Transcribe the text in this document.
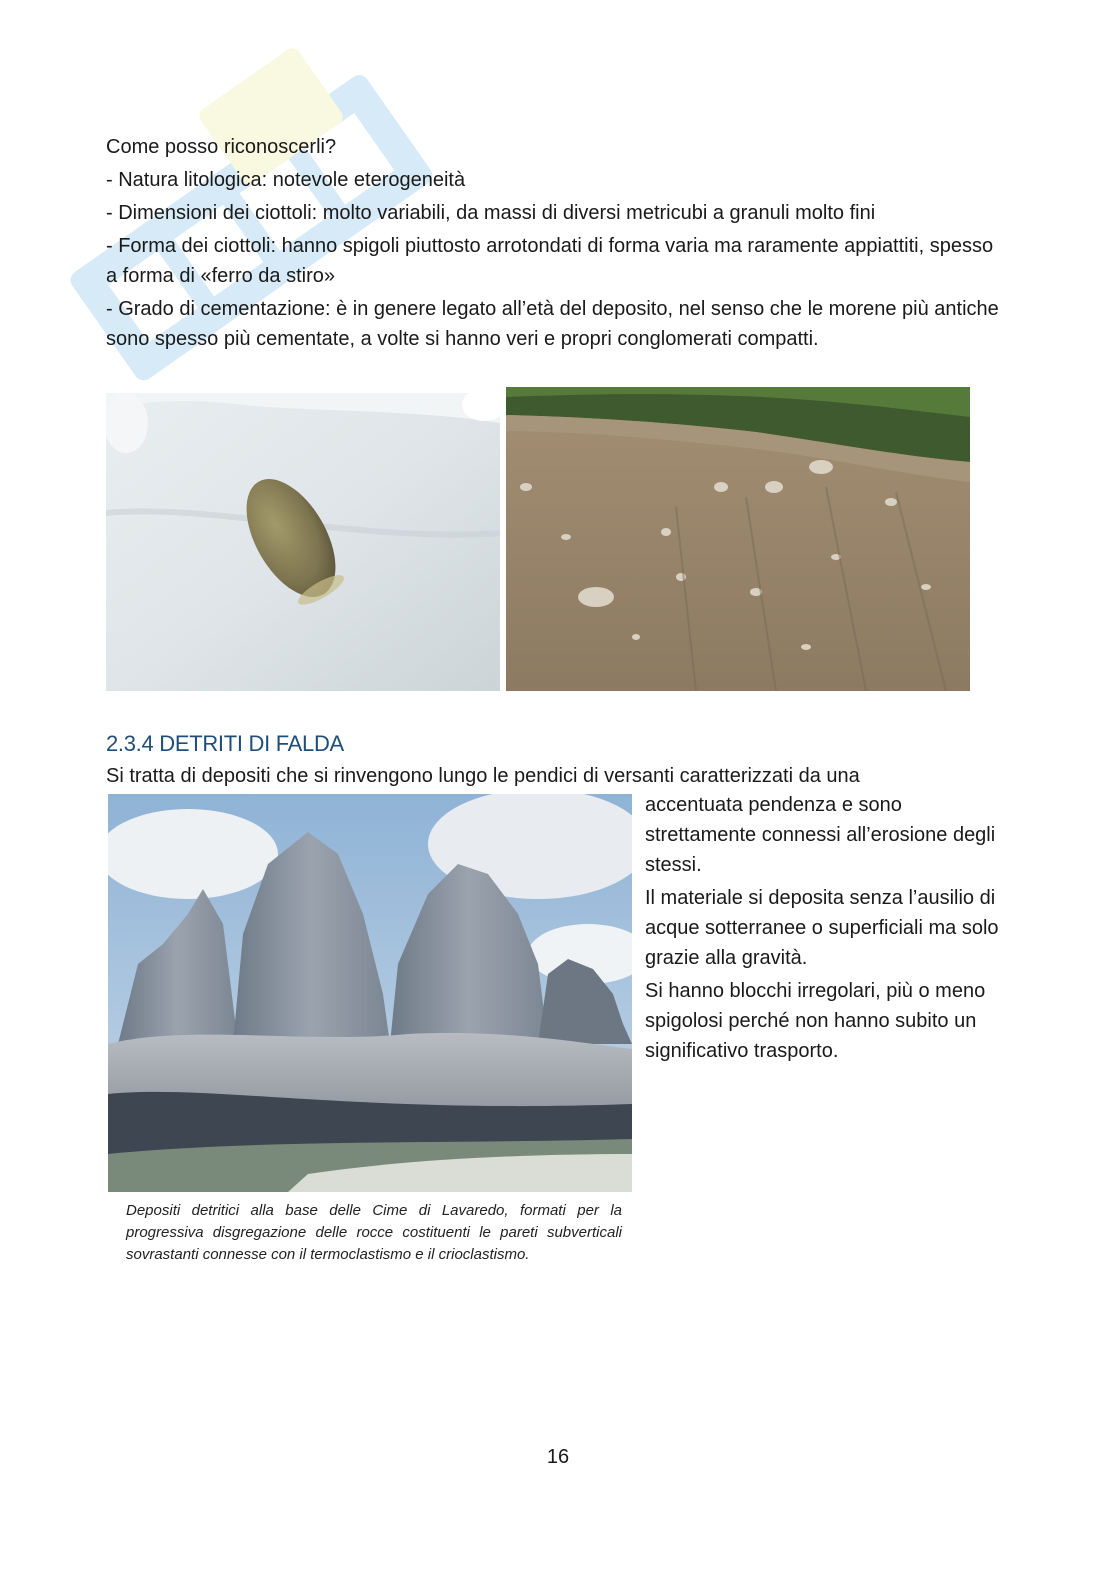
Come posso riconoscerli?

- Natura litologica: notevole eterogeneità

- Dimensioni dei ciottoli: molto variabili, da massi di diversi metricubi a granuli molto fini

- Forma dei ciottoli: hanno spigoli piuttosto arrotondati di forma varia ma raramente appiattiti, spesso a forma di «ferro da stiro»

- Grado di cementazione: è in genere legato all’età del deposito, nel senso che le morene più antiche sono spesso più cementate, a volte si hanno veri e propri conglomerati compatti.

2.3.4 DETRITI DI FALDA

Si tratta di depositi che si rinvengono lungo le pendici di versanti caratterizzati da una

accentuata pendenza e sono strettamente connessi all’erosione degli stessi.

Il materiale si deposita senza l’ausilio di acque sotterranee o superficiali ma solo grazie alla gravità.

Si hanno blocchi irregolari, più o meno spigolosi perché non hanno subito un significativo trasporto.

Depositi detritici alla base delle Cime di Lavaredo, formati per la progressiva disgregazione delle rocce costituenti le pareti subverticali sovrastanti connesse con il termoclastismo e il crioclastismo.

16
